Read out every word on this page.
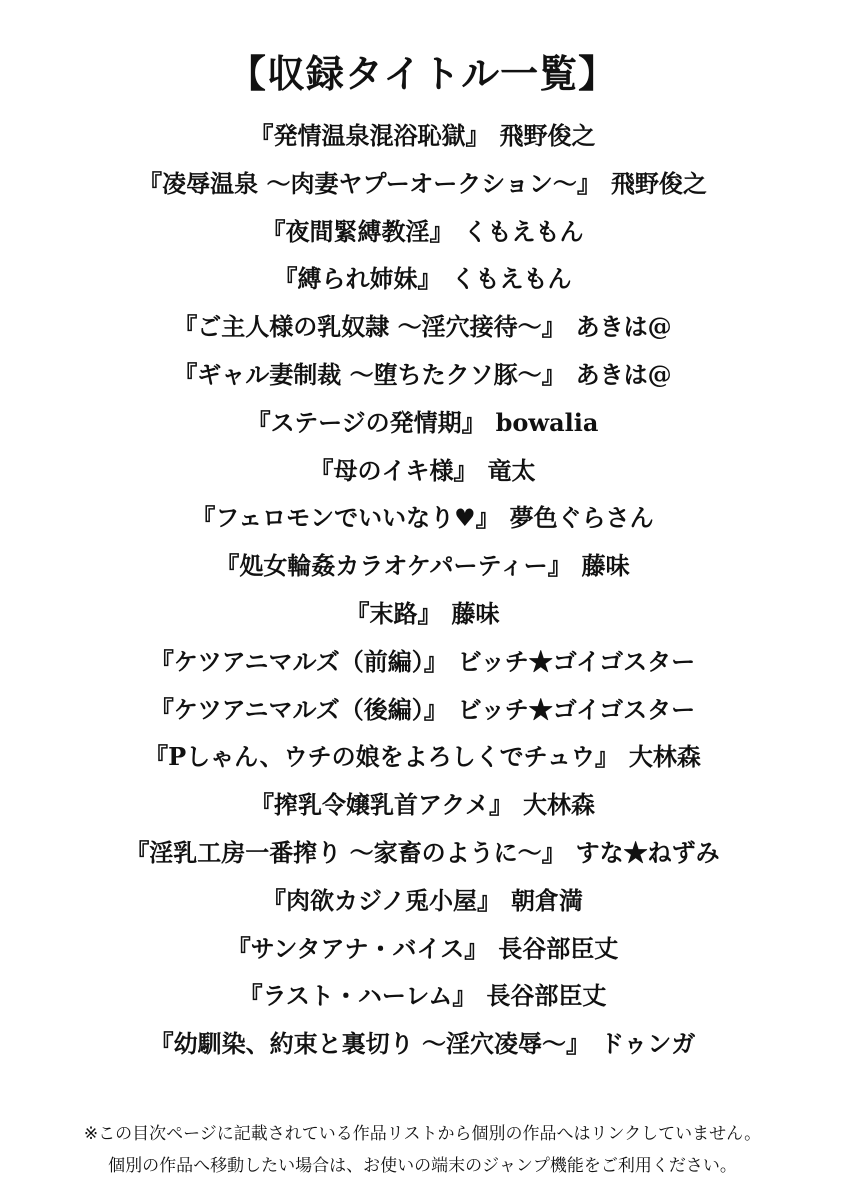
【収録タイトル一覧】
『発情温泉混浴恥獄』 飛野俊之
『凌辱温泉 ～肉妻ヤプーオークション～』 飛野俊之
『夜間緊縛教淫』 くもえもん
『縛られ姉妹』 くもえもん
『ご主人様の乳奴隷 ～淫穴接待～』 あきは@
『ギャル妻制裁 ～堕ちたクソ豚～』 あきは@
『ステージの発情期』 bowalia
『母のイキ様』 竜太
『フェロモンでいいなり♥』 夢色ぐらさん
『処女輪姦カラオケパーティー』 藤味
『末路』 藤味
『ケツアニマルズ（前編）』 ビッチ★ゴイゴスター
『ケツアニマルズ（後編）』 ビッチ★ゴイゴスター
『Pしゃん、ウチの娘をよろしくでチュウ』 大林森
『搾乳令嬢乳首アクメ』 大林森
『淫乳工房一番搾り ～家畜のように～』 すな★ねずみ
『肉欲カジノ兎小屋』 朝倉満
『サンタアナ・バイス』 長谷部臣丈
『ラスト・ハーレム』 長谷部臣丈
『幼馴染、約束と裏切り ～淫穴凌辱～』 ドゥンガ
※この目次ページに記載されている作品リストから個別の作品へはリンクしていません。
個別の作品へ移動したい場合は、お使いの端末のジャンプ機能をご利用ください。
